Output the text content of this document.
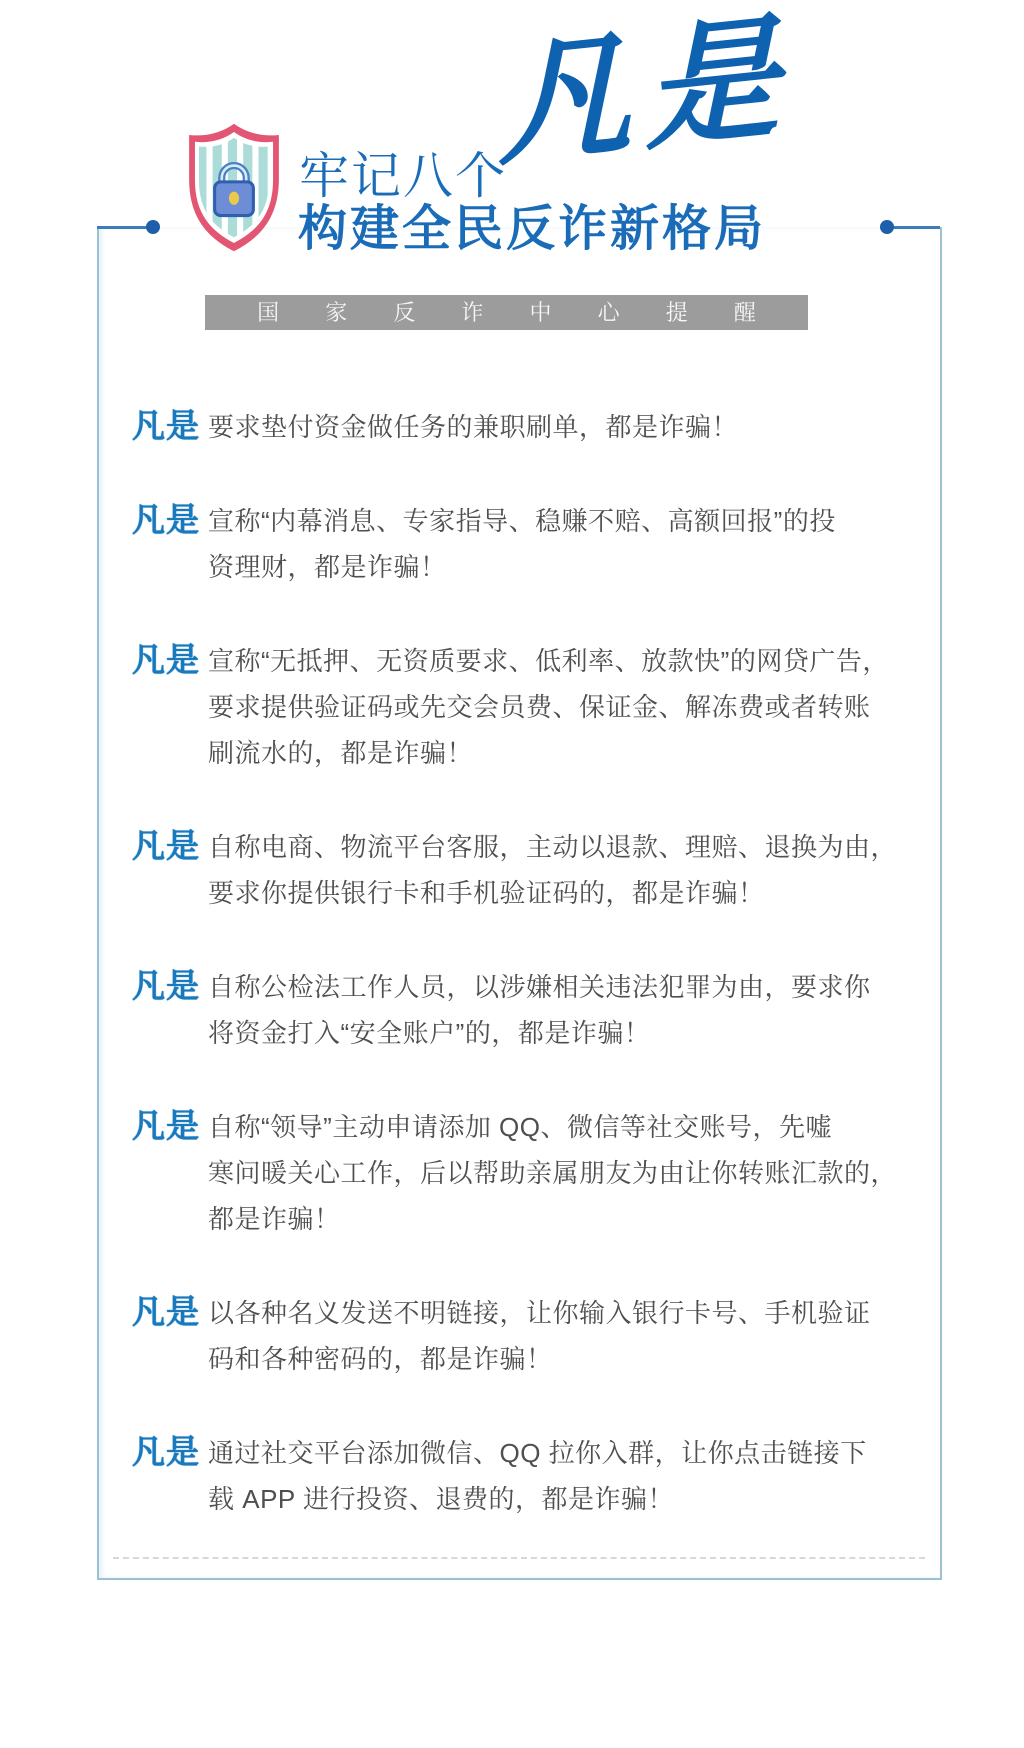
牢记八个
凡是
构建全民反诈新格局
国 家 反 诈 中 心 提 醒
凡是 要求垫付资金做任务的兼职刷单，都是诈骗！
凡是 宣称“内幕消息、专家指导、稳赚不赔、高额回报”的投
资理财，都是诈骗！
凡是 宣称“无抵押、无资质要求、低利率、放款快”的网贷广告，
要求提供验证码或先交会员费、保证金、解冻费或者转账
刷流水的，都是诈骗！
凡是 自称电商、物流平台客服，主动以退款、理赔、退换为由，
要求你提供银行卡和手机验证码的，都是诈骗！
凡是 自称公检法工作人员，以涉嫌相关违法犯罪为由，要求你
将资金打入“安全账户”的，都是诈骗！
凡是 自称“领导”主动申请添加 QQ、微信等社交账号，先嘘
寒问暖关心工作，后以帮助亲属朋友为由让你转账汇款的，
都是诈骗！
凡是 以各种名义发送不明链接，让你输入银行卡号、手机验证
码和各种密码的，都是诈骗！
凡是 通过社交平台添加微信、QQ 拉你入群，让你点击链接下
载 APP 进行投资、退费的，都是诈骗！
